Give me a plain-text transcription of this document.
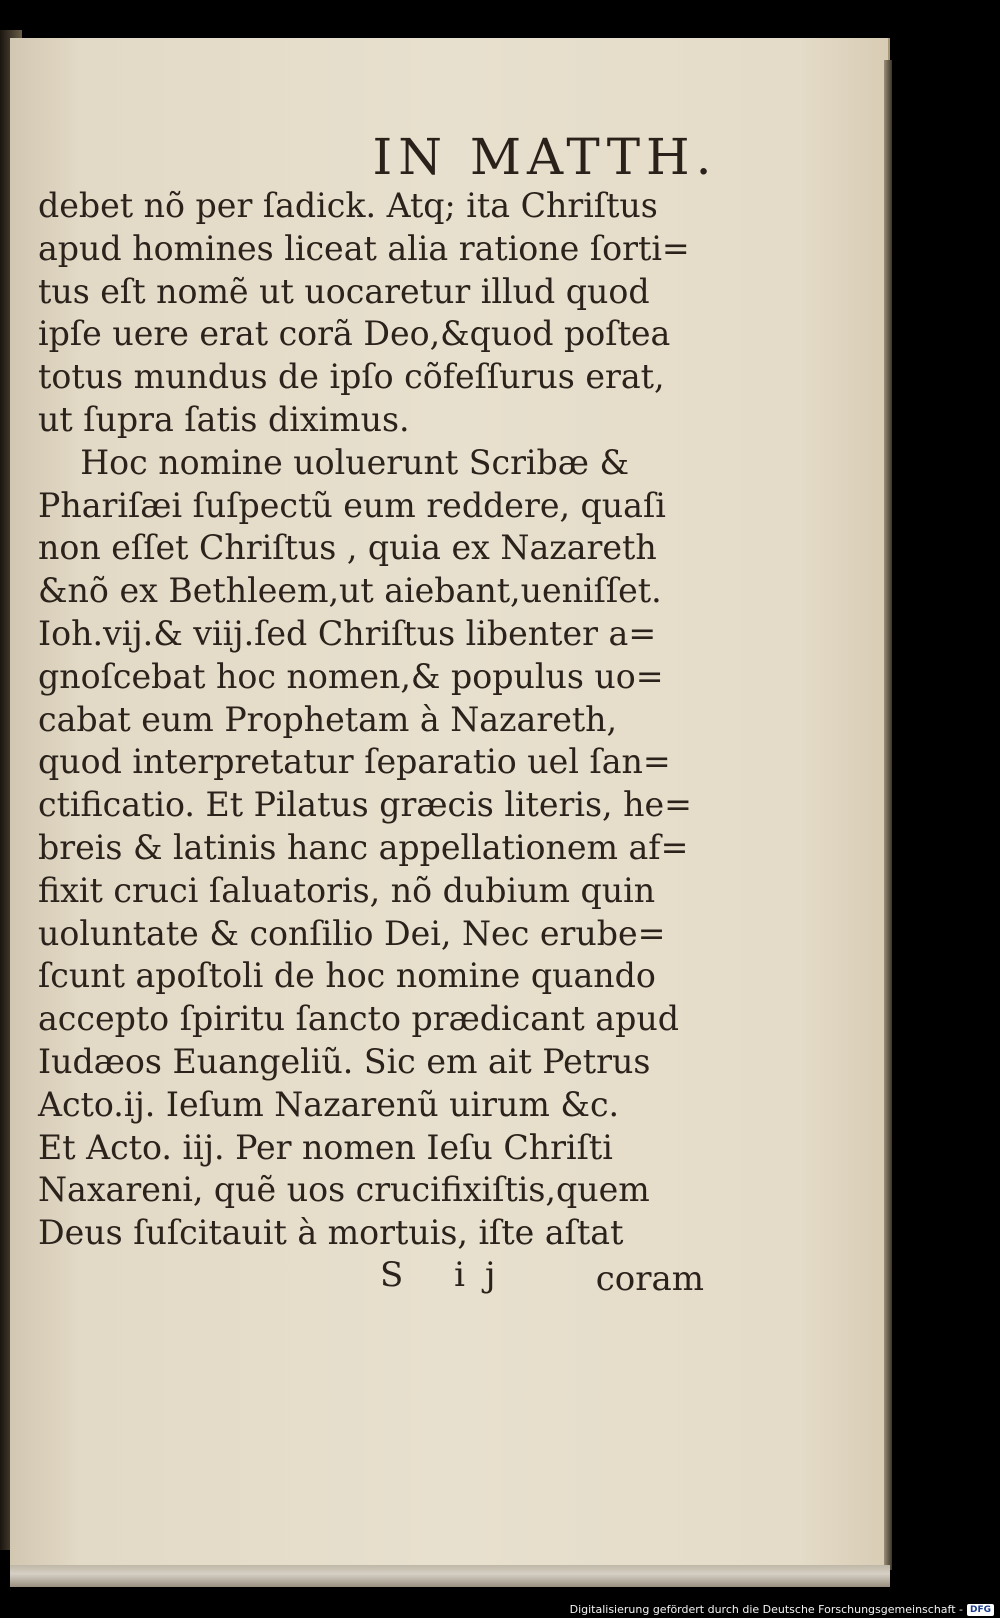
IN MATTH.
debet nõ per ſadick. Atq; ita Chriſtus
apud homines liceat alia ratione ſorti=
tus eſt nomẽ ut uocaretur illud quod
ipſe uere erat corã Deo,&quod poſtea
totus mundus de ipſo cõfeſſurus erat,
ut ſupra ſatis diximus.
Hoc nomine uoluerunt Scribæ &
Phariſæi ſuſpectũ eum reddere, quaſi
non eſſet Chriſtus , quia ex Nazareth
&nõ ex Bethleem,ut aiebant,ueniſſet.
Ioh.vij.& viij.ſed Chriſtus libenter a=
gnoſcebat hoc nomen,& populus uo=
cabat eum Prophetam à Nazareth,
quod interpretatur ſeparatio uel ſan=
ctificatio. Et Pilatus græcis literis, he=
breis & latinis hanc appellationem af=
fixit cruci ſaluatoris, nõ dubium quin
uoluntate & conſilio Dei, Nec erube=
ſcunt apoſtoli de hoc nomine quando
accepto ſpiritu ſancto prædicant apud
Iudæos Euangeliũ. Sic em ait Petrus
Acto.ij. Ieſum Nazarenũ uirum &c.
Et Acto. iij. Per nomen Ieſu Chriſti
Naxareni, quẽ uos crucifixiſtis,quem
Deus ſuſcitauit à mortuis, iſte aſtat
S ij coram
Digitalisierung gefördert durch die Deutsche Forschungsgemeinschaft - DFG
